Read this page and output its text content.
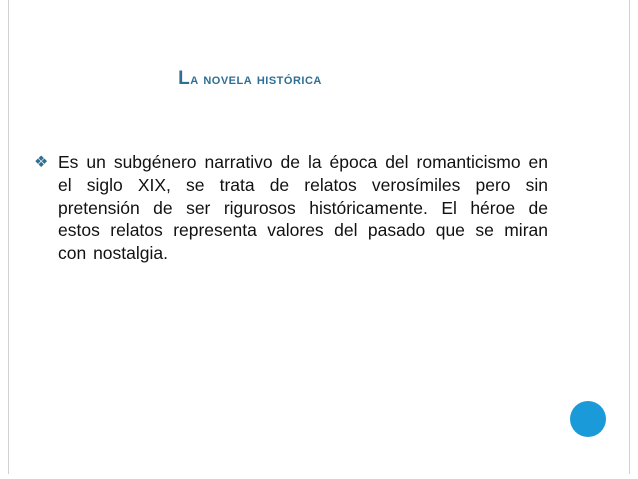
La novela histórica
❖ Es un subgénero narrativo de la época del romanticismo en el siglo XIX, se trata de relatos verosímiles pero sin pretensión de ser rigurosos históricamente. El héroe de estos relatos representa valores del pasado que se miran con nostalgia.
